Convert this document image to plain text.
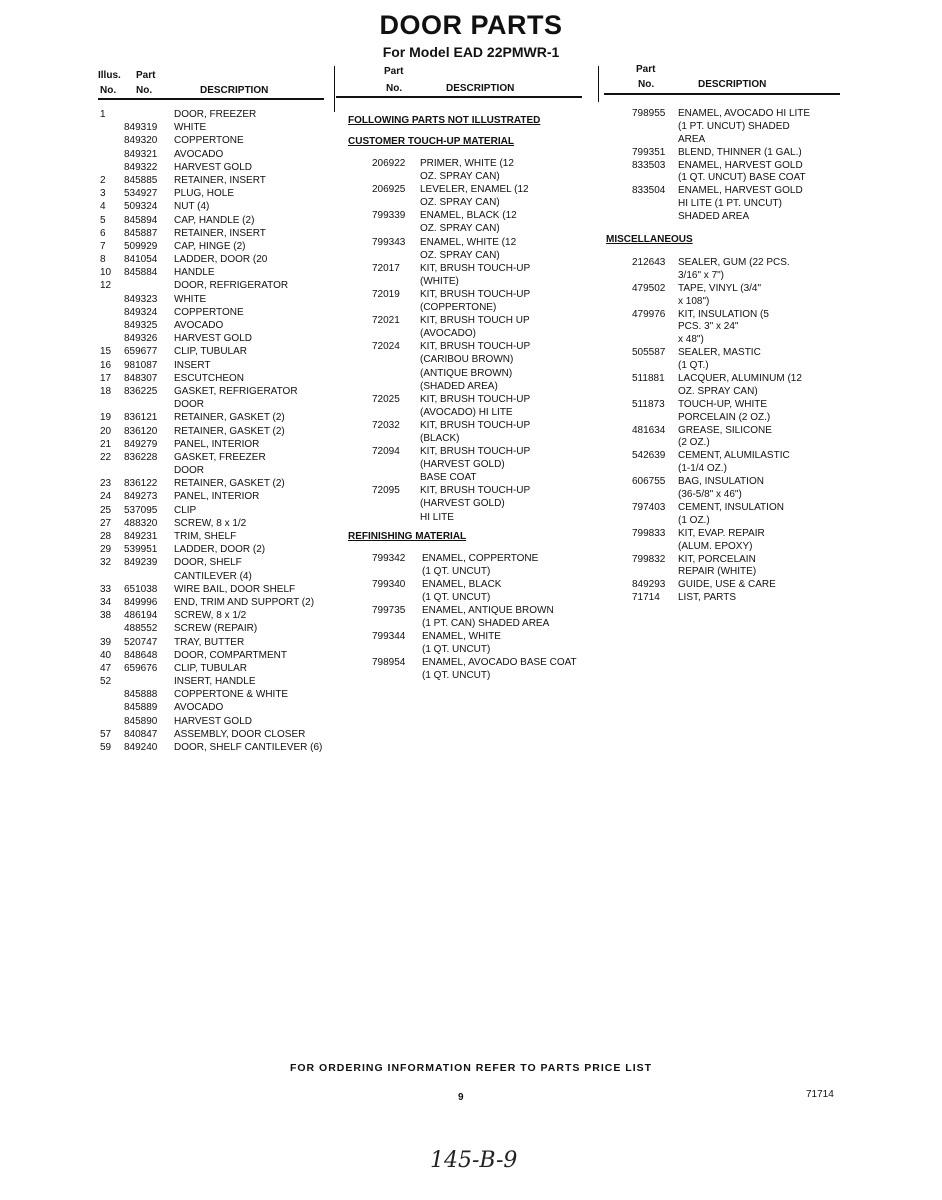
DOOR PARTS
For Model EAD 22PMWR-1
Illus. Part
No. No.	DESCRIPTION
1	DOOR, FREEZER
849319 WHITE
849320 COPPERTONE
849321 AVOCADO
849322 HARVEST GOLD
2 845885 RETAINER, INSERT
3 534927 PLUG, HOLE
4 509324 NUT (4)
5 845894 CAP, HANDLE (2)
6 845887 RETAINER, INSERT
7 509929 CAP, HINGE (2)
8 841054 LADDER, DOOR (20
10 845884 HANDLE
12	DOOR, REFRIGERATOR
849323 WHITE
849324 COPPERTONE
849325 AVOCADO
849326 HARVEST GOLD
15 659677 CLIP, TUBULAR
16 981087 INSERT
17 848307 ESCUTCHEON
18 836225 GASKET, REFRIGERATOR
DOOR
19 836121 RETAINER, GASKET (2)
20 836120 RETAINER, GASKET (2)
21 849279 PANEL, INTERIOR
22 836228 GASKET, FREEZER
DOOR
23 836122 RETAINER, GASKET (2)
24 849273 PANEL, INTERIOR
25 537095 CLIP
27 488320 SCREW, 8 x 1/2
28 849231 TRIM, SHELF
29 539951 LADDER, DOOR (2)
32 849239 DOOR, SHELF
CANTILEVER (4)
33 651038 WIRE BAIL, DOOR SHELF
34 849996 END, TRIM AND SUPPORT (2)
38 486194 SCREW, 8 x 1/2
488552 SCREW (REPAIR)
39 520747 TRAY, BUTTER
40 848648 DOOR, COMPARTMENT
47 659676 CLIP, TUBULAR
52	INSERT, HANDLE
845888 COPPERTONE & WHITE
845889 AVOCADO
845890 HARVEST GOLD
57 840847 ASSEMBLY, DOOR CLOSER
59 849240 DOOR, SHELF CANTILEVER (6)
Part
No.	DESCRIPTION
FOLLOWING PARTS NOT ILLUSTRATED
CUSTOMER TOUCH-UP MATERIAL
206922 PRIMER, WHITE (12
OZ. SPRAY CAN)
206925 LEVELER, ENAMEL (12
OZ. SPRAY CAN)
799339 ENAMEL, BLACK (12
OZ. SPRAY CAN)
799343 ENAMEL, WHITE (12
OZ. SPRAY CAN)
72017 KIT, BRUSH TOUCH-UP
(WHITE)
72019 KIT, BRUSH TOUCH-UP
(COPPERTONE)
72021 KIT, BRUSH TOUCH UP
(AVOCADO)
72024 KIT, BRUSH TOUCH-UP
(CARIBOU BROWN)
(ANTIQUE BROWN)
(SHADED AREA)
72025 KIT, BRUSH TOUCH-UP
(AVOCADO) HI LITE
72032 KIT, BRUSH TOUCH-UP
(BLACK)
72094 KIT, BRUSH TOUCH-UP
(HARVEST GOLD)
BASE COAT
72095 KIT, BRUSH TOUCH-UP
(HARVEST GOLD)
HI LITE
REFINISHING MATERIAL
799342 ENAMEL, COPPERTONE
(1 QT. UNCUT)
799340 ENAMEL, BLACK
(1 QT. UNCUT)
799735 ENAMEL, ANTIQUE BROWN
(1 PT. CAN) SHADED AREA
799344 ENAMEL, WHITE
(1 QT. UNCUT)
798954 ENAMEL, AVOCADO BASE COAT
(1 QT. UNCUT)
Part
No.	DESCRIPTION
798955 ENAMEL, AVOCADO HI LITE
(1 PT. UNCUT) SHADED
AREA
799351 BLEND, THINNER (1 GAL.)
833503 ENAMEL, HARVEST GOLD
(1 QT. UNCUT) BASE COAT
833504 ENAMEL, HARVEST GOLD
HI LITE (1 PT. UNCUT)
SHADED AREA
MISCELLANEOUS
212643 SEALER, GUM (22 PCS.
3/16" x 7")
479502 TAPE, VINYL (3/4"
x 108")
479976 KIT, INSULATION (5
PCS. 3" x 24"
x 48")
505587 SEALER, MASTIC
(1 QT.)
511881 LACQUER, ALUMINUM (12
OZ. SPRAY CAN)
511873 TOUCH-UP, WHITE
PORCELAIN (2 OZ.)
481634 GREASE, SILICONE
(2 OZ.)
542639 CEMENT, ALUMILASTIC
(1-1/4 OZ.)
606755 BAG, INSULATION
(36-5/8" x 46")
797403 CEMENT, INSULATION
(1 OZ.)
799833 KIT, EVAP. REPAIR
(ALUM. EPOXY)
799832 KIT, PORCELAIN
REPAIR (WHITE)
849293 GUIDE, USE & CARE
71714 LIST, PARTS
FOR ORDERING INFORMATION REFER TO PARTS PRICE LIST
9	71714
145-B-9
